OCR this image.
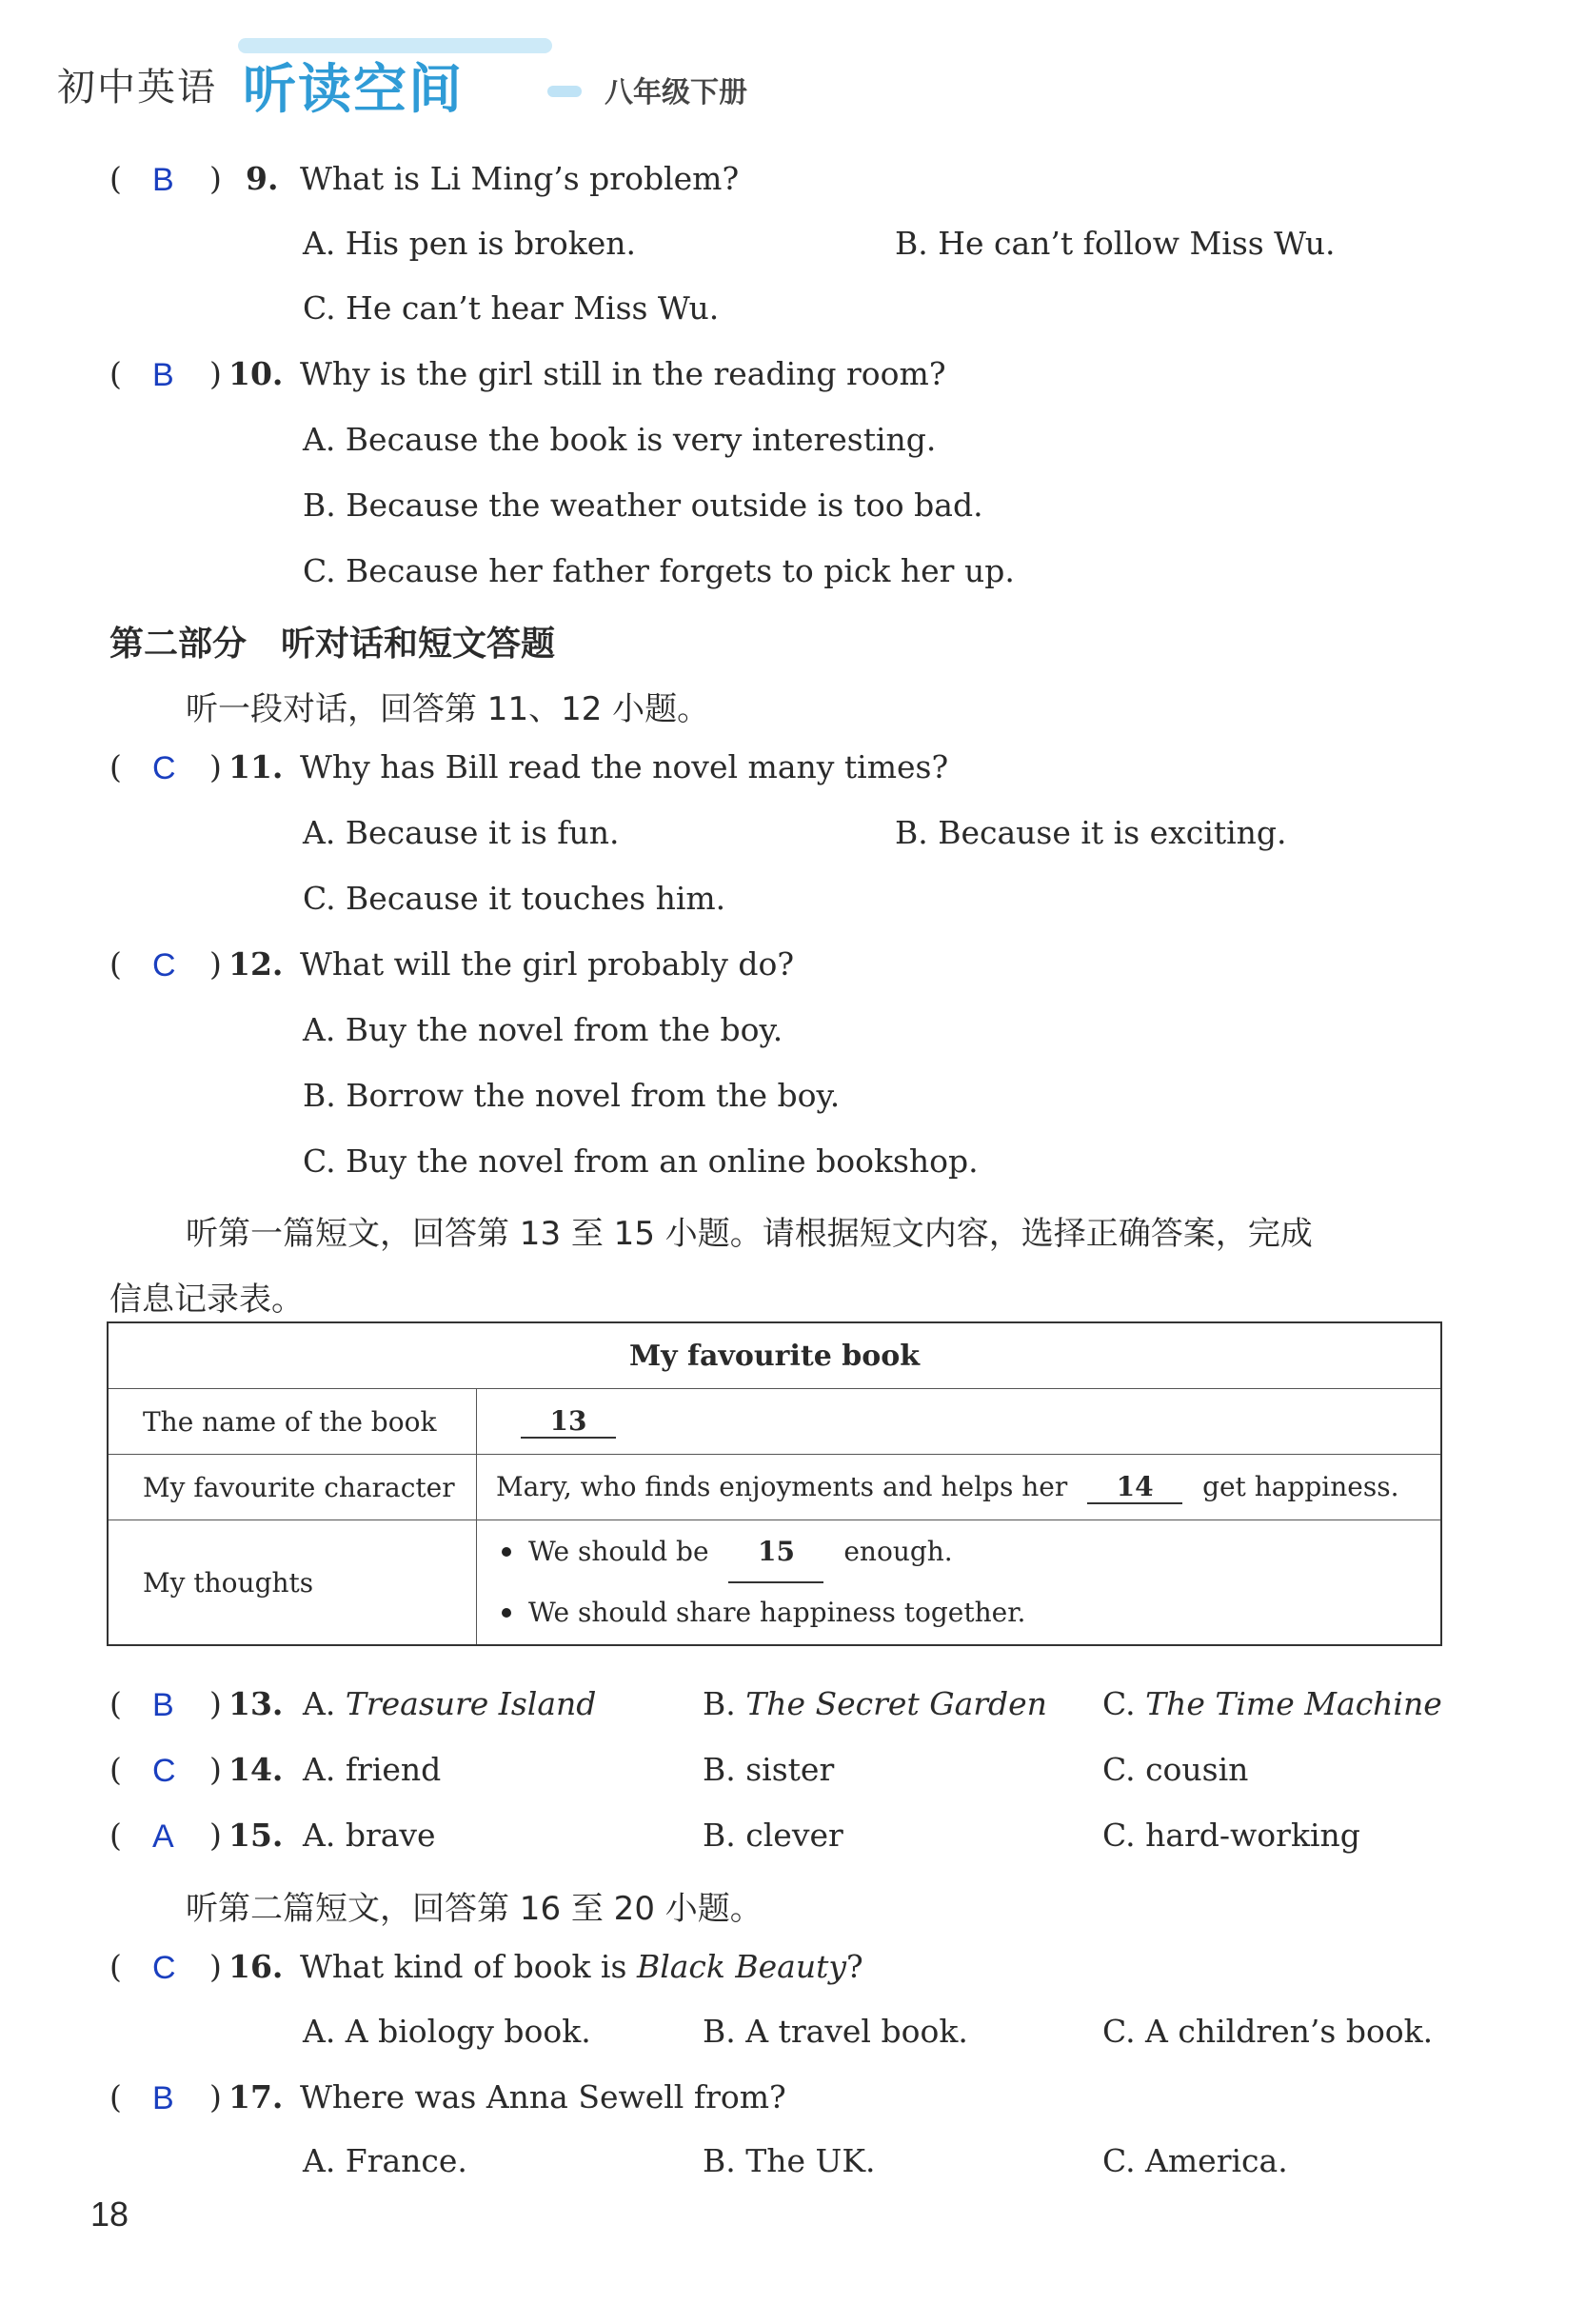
初中英语 听读空间	八年级下册
( B ) 9. What is Li Ming’s problem?
A. His pen is broken.	B. He can’t follow Miss Wu.
C. He can’t hear Miss Wu.
( B ) 10. Why is the girl still in the reading room?
A. Because the book is very interesting.
B. Because the weather outside is too bad.
C. Because her father forgets to pick her up.
第二部分　听对话和短文答题
听一段对话，回答第 11、12 小题。
( C ) 11. Why has Bill read the novel many times?
A. Because it is fun.	B. Because it is exciting.
C. Because it touches him.
( C ) 12. What will the girl probably do?
A. Buy the novel from the boy.
B. Borrow the novel from the boy.
C. Buy the novel from an online bookshop.
听第一篇短文，回答第 13 至 15 小题。请根据短文内容，选择正确答案，完成
信息记录表。
My favourite book	
The name of the book	13
My favourite character	Mary, who finds enjoyments and helps her 14 get happiness.
My thoughts	We should be 15 enough.
We should share happiness together.
( B ) 13. A. Treasure Island	B. The Secret Garden C. The Time Machine
( C ) 14. A. friend	B. sister	C. cousin
( A ) 15. A. brave	B. clever	C. hard-working
听第二篇短文，回答第 16 至 20 小题。
( C ) 16. What kind of book is Black Beauty?
A. A biology book.	B. A travel book.	C. A children’s book.
( B ) 17. Where was Anna Sewell from?
A. France.	B. The UK.	C. America.
18
